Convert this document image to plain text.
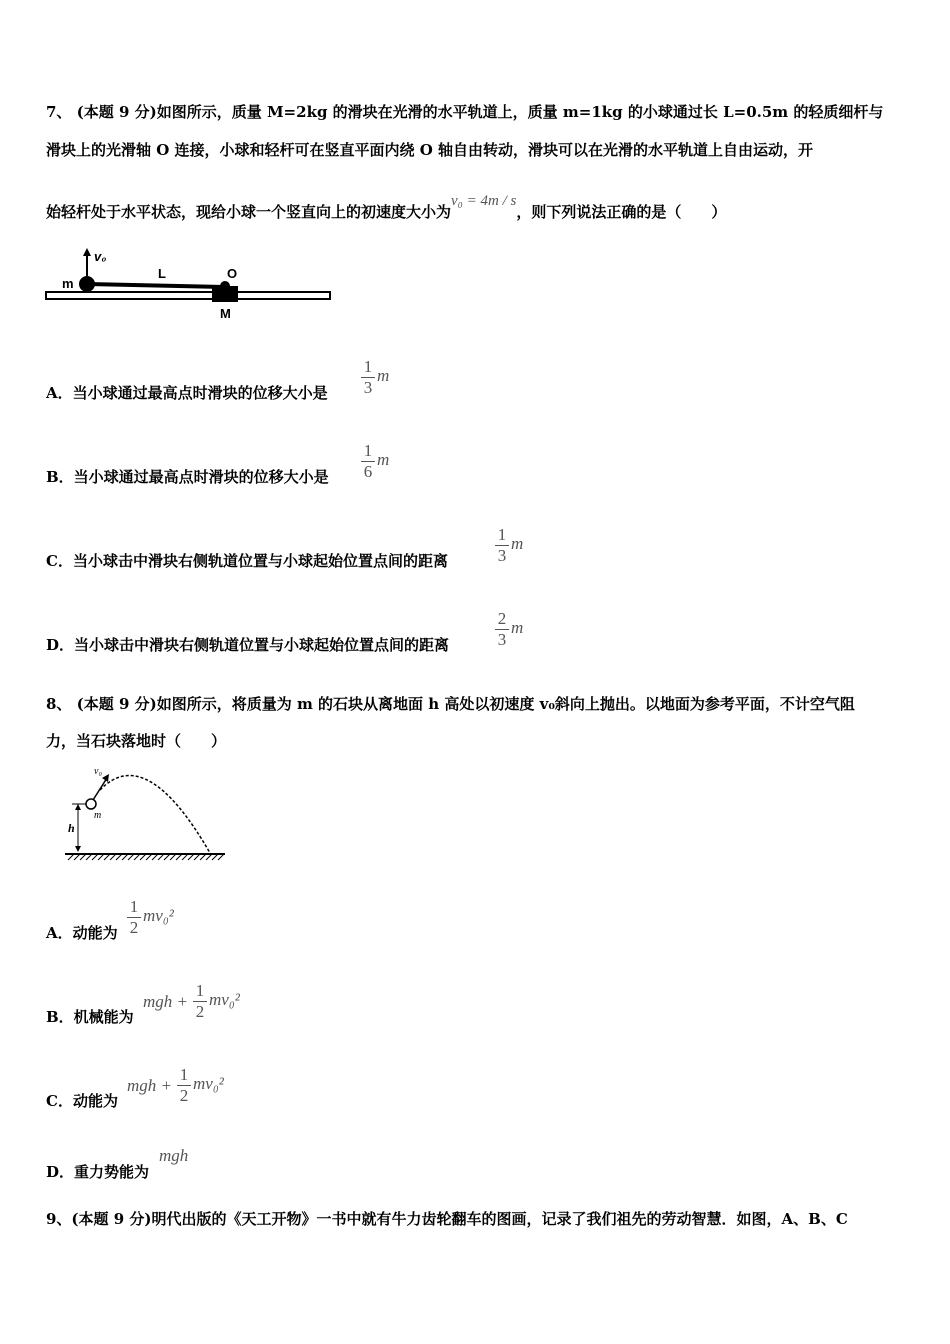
7、 (本题 9 分)如图所示，质量 M=2kg 的滑块在光滑的水平轨道上，质量 m=1kg 的小球通过长 L=0.5m 的轻质细杆与
滑块上的光滑轴 O 连接，小球和轻杆可在竖直平面内绕 O 轴自由转动，滑块可以在光滑的水平轨道上自由运动，开
始轻杆处于水平状态，现给小球一个竖直向上的初速度大小为v₀ = 4m / s，则下列说法正确的是（　　）
m
v₀
L	O
M
A．当小球通过最高点时滑块的位移大小是
1
3
m
B．当小球通过最高点时滑块的位移大小是
1
6
m
C．当小球击中滑块右侧轨道位置与小球起始位置点间的距离
1
3
m
D．当小球击中滑块右侧轨道位置与小球起始位置点间的距离
2
3
m
8、 (本题 9 分)如图所示，将质量为 m 的石块从离地面 h 高处以初速度 v₀斜向上抛出。以地面为参考平面，不计空气阻
力，当石块落地时（　　）
h
m
v₀
A．动能为
1
2
mv₀²
B．机械能为
mgh +
1
2
mv₀²
C．动能为
mgh +
1
2
mv₀²
D．重力势能为
mgh
9、(本题 9 分)明代出版的《天工开物》一书中就有牛力齿轮翻车的图画，记录了我们祖先的劳动智慧．如图，A、B、C
